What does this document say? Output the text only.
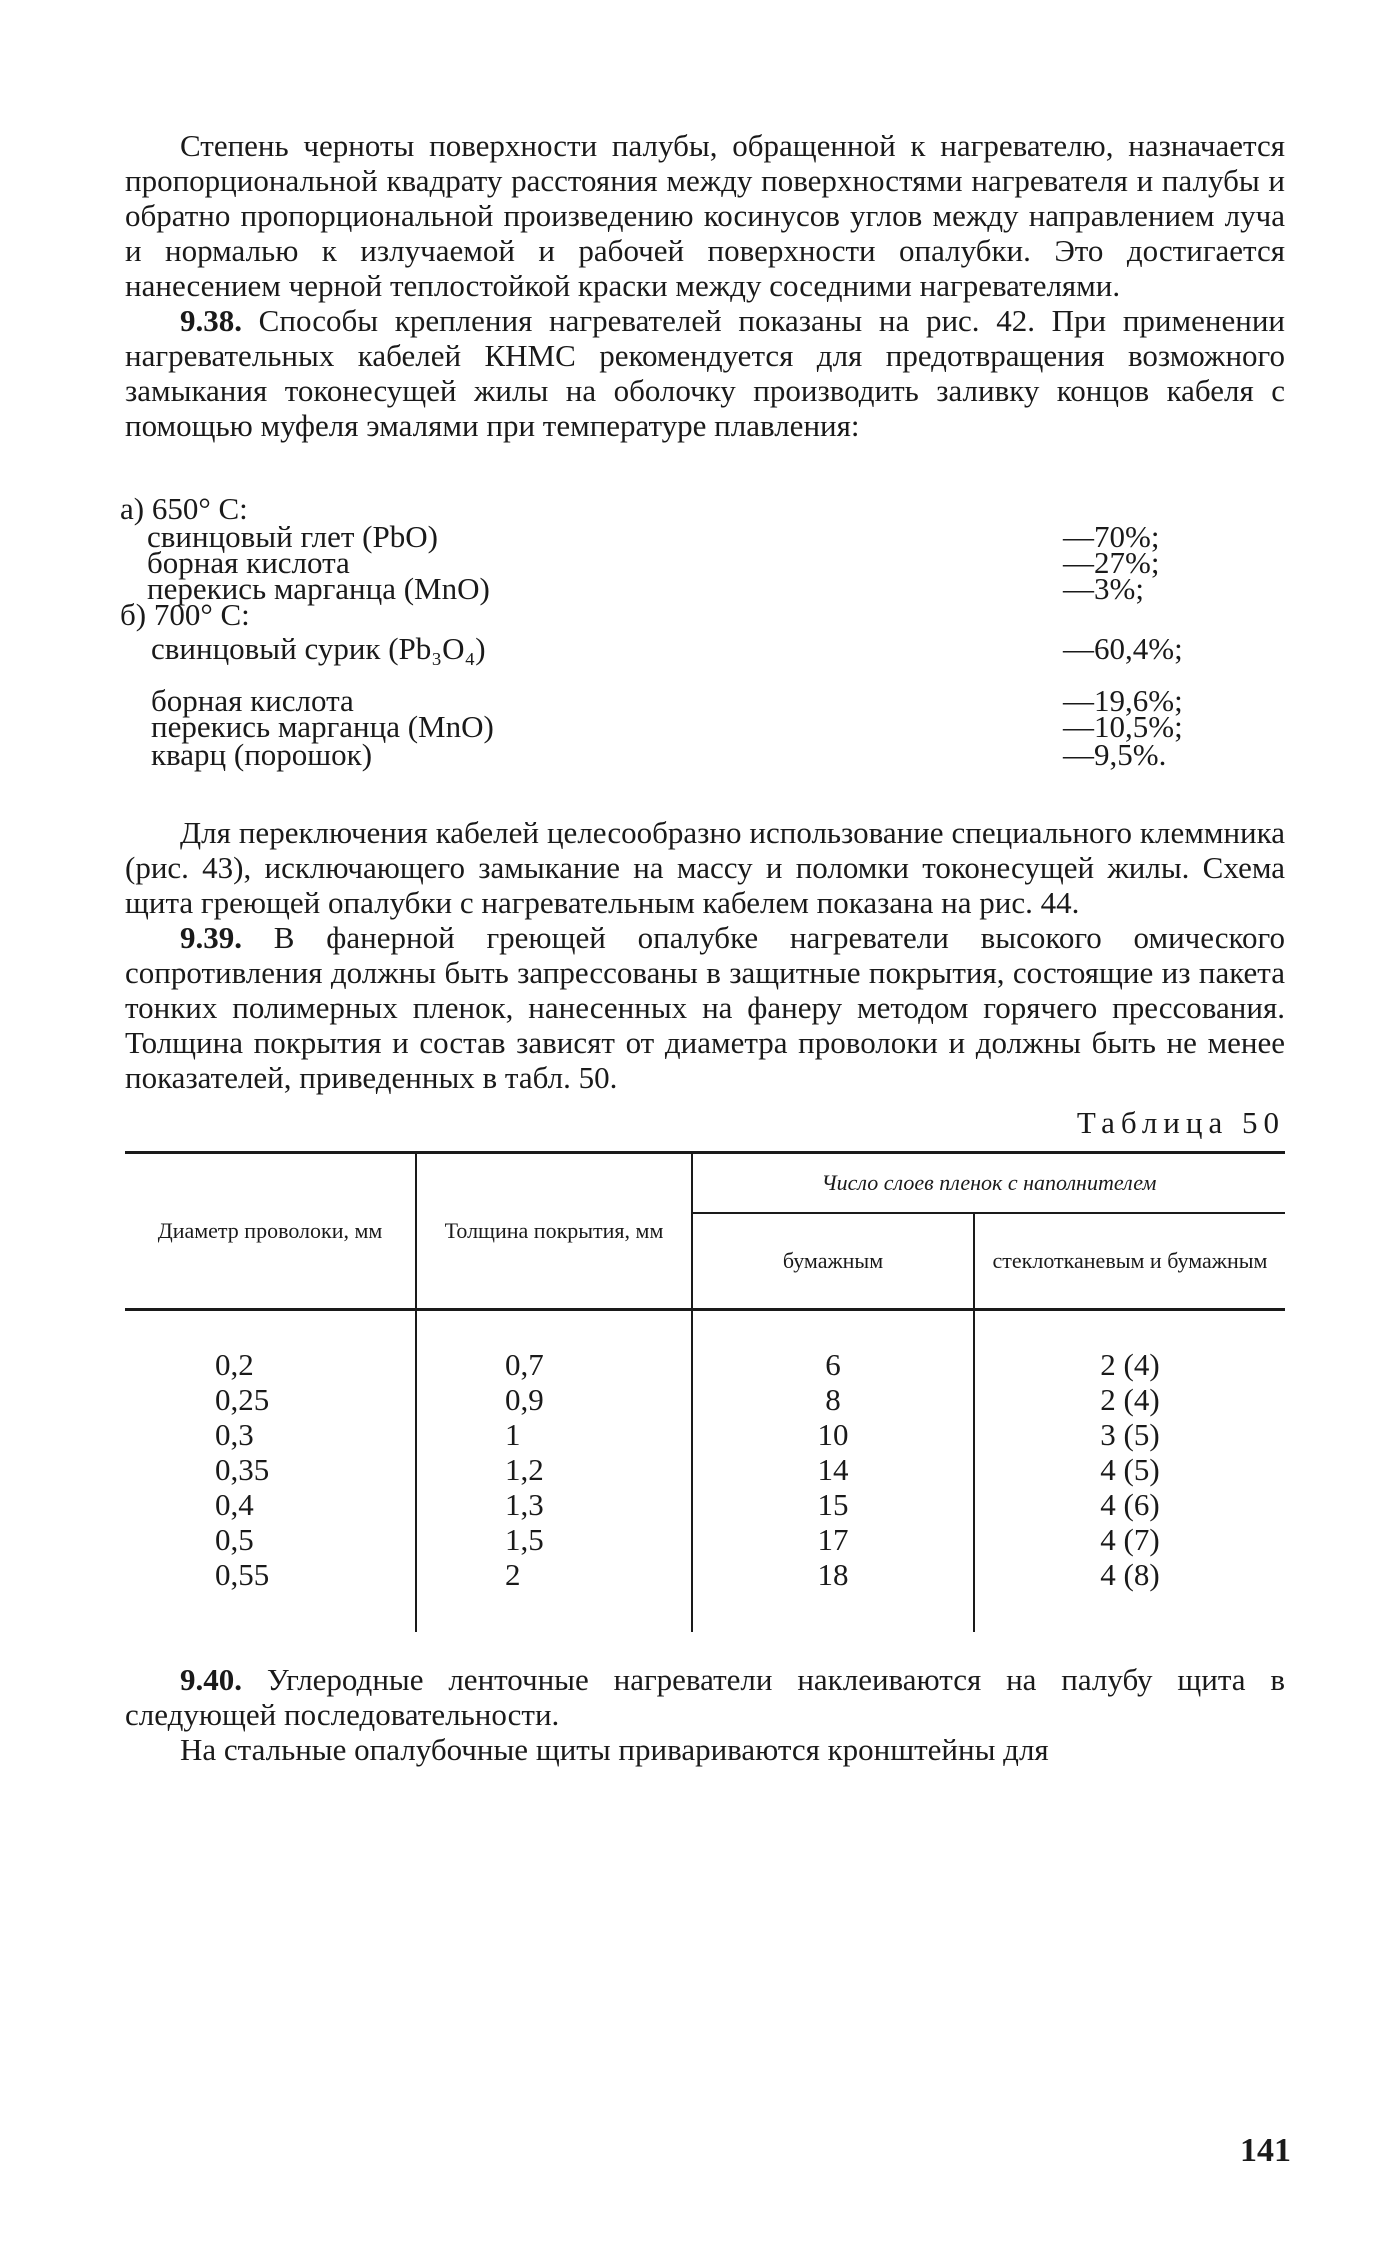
Степень черноты поверхности палубы, обращенной к нагревателю, назначается пропорциональной квадрату расстояния между поверхностями нагревателя и палубы и обратно пропорциональной произведению косинусов углов между направлением луча и нормалью к излучаемой и рабочей поверхности опалубки. Это достигается нанесением черной теплостойкой краски между соседними нагревателями.

9.38. Способы крепления нагревателей показаны на рис. 42. При применении нагревательных кабелей КНМС рекомендуется для предотвращения возможного замыкания токонесущей жилы на оболочку производить заливку концов кабеля с помощью муфеля эмалями при температуре плавления:

а) 650° С:
свинцовый глет (PbO)	—70%;
борная кислота	—27%;
перекись марганца (MnO)	—3%;
б) 700° С:
свинцовый сурик (Pb₃O₄)	—60,4%;
борная кислота	—19,6%;
перекись марганца (MnO)	—10,5%;
кварц (порошок)	—9,5%.

Для переключения кабелей целесообразно использование специального клеммника (рис. 43), исключающего замыкание на массу и поломки токонесущей жилы. Схема щита греющей опалубки с нагревательным кабелем показана на рис. 44.

9.39. В фанерной греющей опалубке нагреватели высокого омического сопротивления должны быть запрессованы в защитные покрытия, состоящие из пакета тонких полимерных пленок, нанесенных на фанеру методом горячего прессования. Толщина покрытия и состав зависят от диаметра проволоки и должны быть не менее показателей, приведенных в табл. 50.

Таблица 50
Диаметр проволоки, мм	Толщина покрытия, мм	Число слоев пленок с наполнителем	
		бумажным	стеклотканевым и бумажным
0,2	0,7	6	2 (4)
0,25	0,9	8	2 (4)
0,3	1	10	3 (5)
0,35	1,2	14	4 (5)
0,4	1,3	15	4 (6)
0,5	1,5	17	4 (7)
0,55	2	18	4 (8)

9.40. Углеродные ленточные нагреватели наклеиваются на палубу щита в следующей последовательности.

На стальные опалубочные щиты привариваются кронштейны для

141
